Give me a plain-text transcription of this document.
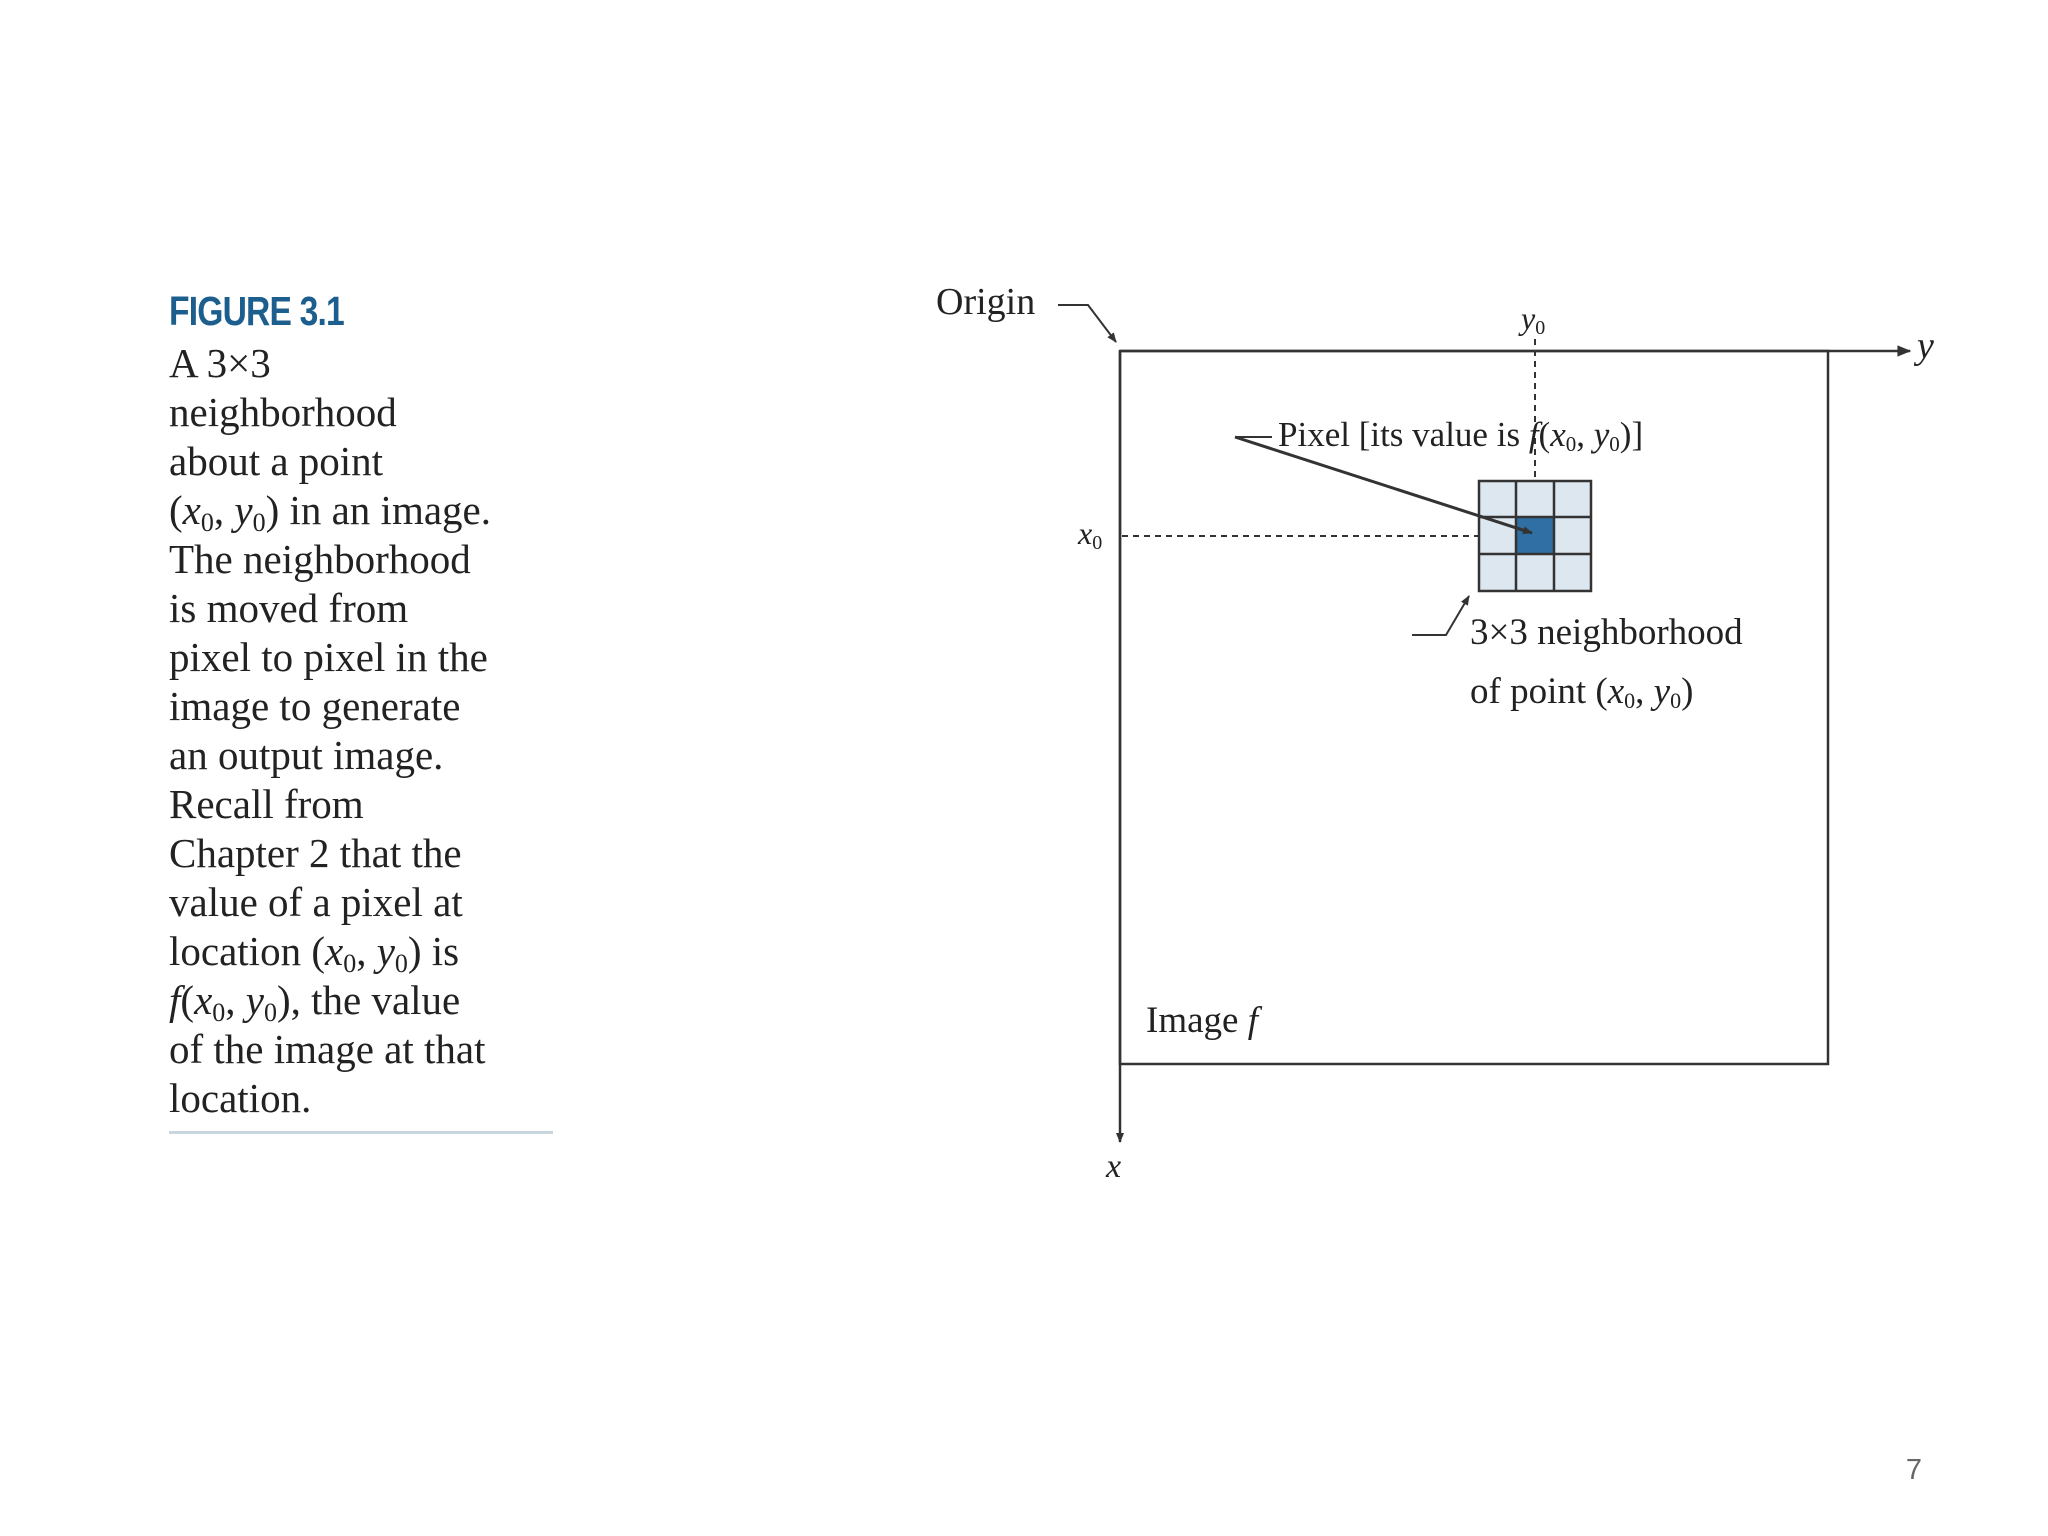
FIGURE 3.1

A 3×3

neighborhood

about a point

($x_0$, $y_0$) in an image.

The neighborhood

is moved from

pixel to pixel in the

image to generate

an output image.

Recall from

Chapter 2 that the

value of a pixel at

location ($x_0$, $y_0$) is

$f(x_0$, $y_0$), the value

of the image at that

location.

Origin
y
x
y0
x0
Pixel [its value is f(x0, y0)]
3×3 neighborhood
of point (x0, y0)
Image f
7
